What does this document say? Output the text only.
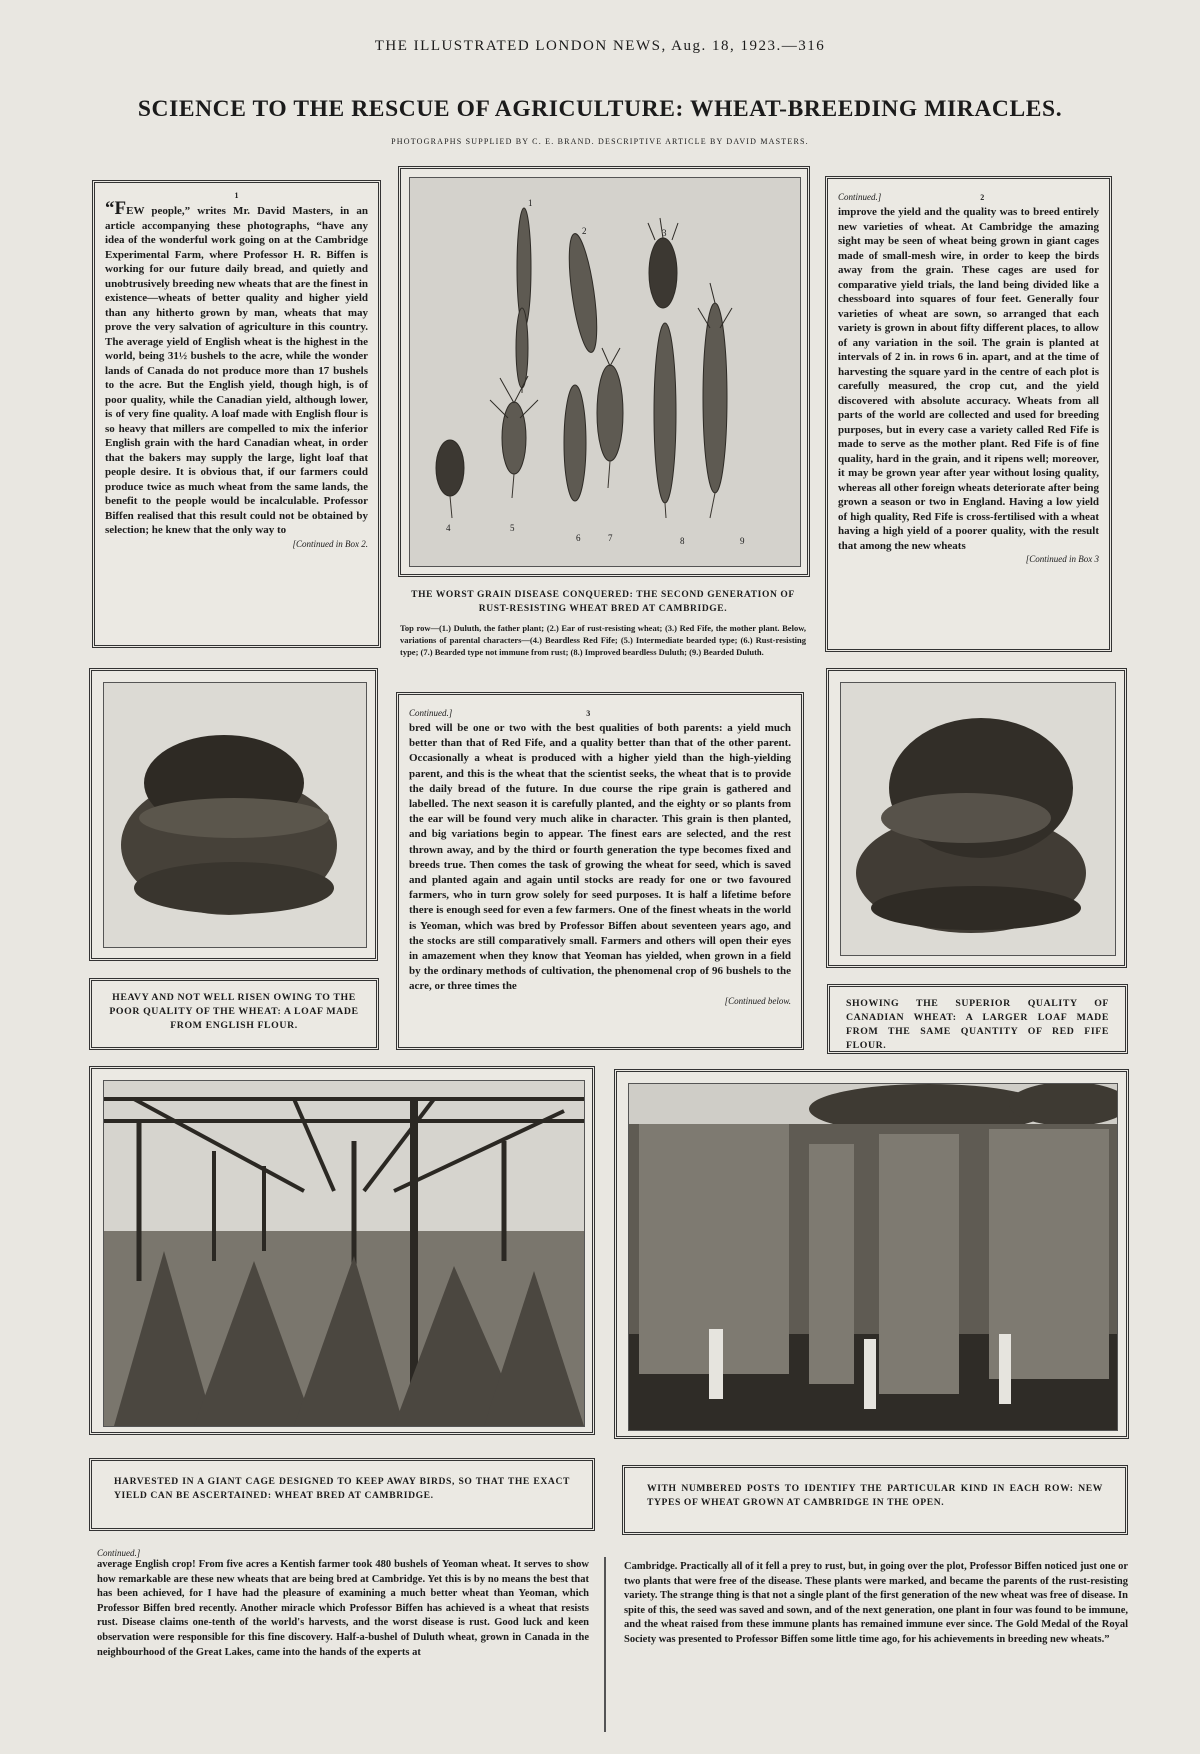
THE ILLUSTRATED LONDON NEWS, Aug. 18, 1923.—316
SCIENCE TO THE RESCUE OF AGRICULTURE: WHEAT-BREEDING MIRACLES.
PHOTOGRAPHS SUPPLIED BY C. E. BRAND. DESCRIPTIVE ARTICLE BY DAVID MASTERS.
1
“FEW people,” writes Mr. David Masters, in an article accompanying these photographs, “have any idea of the wonderful work going on at the Cambridge Experimental Farm, where Professor H. R. Biffen is working for our future daily bread, and quietly and unobtrusively breeding new wheats that are the finest in existence—wheats of better quality and higher yield than any hitherto grown by man, wheats that may prove the very salvation of agriculture in this country. The average yield of English wheat is the highest in the world, being 31½ bushels to the acre, while the wonder lands of Canada do not produce more than 17 bushels to the acre. But the English yield, though high, is of poor quality, while the Canadian yield, although lower, is of very fine quality. A loaf made with English flour is so heavy that millers are compelled to mix the inferior English grain with the hard Canadian wheat, in order that the bakers may supply the large, light loaf that people desire. It is obvious that, if our farmers could produce twice as much wheat from the same lands, the benefit to the people would be incalculable. Professor Biffen realised that this result could not be obtained by selection; he knew that the only way to
[Continued in Box 2.
1
2	3
4	5
6	7	8	9
THE WORST GRAIN DISEASE CONQUERED: THE SECOND GENERATION OF RUST-RESISTING WHEAT BRED AT CAMBRIDGE.
Top row—(1.) Duluth, the father plant; (2.) Ear of rust-resisting wheat; (3.) Red Fife, the mother plant. Below, variations of parental characters—(4.) Beardless Red Fife; (5.) Intermediate bearded type; (6.) Rust-resisting type; (7.) Bearded type not immune from rust; (8.) Improved beardless Duluth; (9.) Bearded Duluth.
Continued.]	2
improve the yield and the quality was to breed entirely new varieties of wheat. At Cambridge the amazing sight may be seen of wheat being grown in giant cages made of small-mesh wire, in order to keep the birds away from the grain. These cages are used for comparative yield trials, the land being divided like a chessboard into squares of four feet. Generally four varieties of wheat are sown, so arranged that each variety is grown in about fifty different places, to allow of any variation in the soil. The grain is planted at intervals of 2 in. in rows 6 in. apart, and at the time of harvesting the square yard in the centre of each plot is carefully measured, the crop cut, and the yield discovered with absolute accuracy. Wheats from all parts of the world are collected and used for breeding purposes, but in every case a variety called Red Fife is made to serve as the mother plant. Red Fife is of fine quality, hard in the grain, and it ripens well; moreover, it may be grown year after year without losing quality, whereas all other foreign wheats deteriorate after being grown a season or two in England. Having a low yield of high quality, Red Fife is cross-fertilised with a wheat having a high yield of a poorer quality, with the result that among the new wheats
[Continued in Box 3
HEAVY AND NOT WELL RISEN OWING TO THE POOR QUALITY OF THE WHEAT: A LOAF MADE FROM ENGLISH FLOUR.
Continued.]	3
bred will be one or two with the best qualities of both parents: a yield much better than that of Red Fife, and a quality better than that of the other parent. Occasionally a wheat is produced with a higher yield than the high-yielding parent, and this is the wheat that the scientist seeks, the wheat that is to provide the daily bread of the future. In due course the ripe grain is gathered and labelled. The next season it is carefully planted, and the eighty or so plants from the ear will be found very much alike in character. This grain is then planted, and big variations begin to appear. The finest ears are selected, and the rest thrown away, and by the third or fourth generation the type becomes fixed and breeds true. Then comes the task of growing the wheat for seed, which is saved and planted again and again until stocks are ready for one or two favoured farmers, who in turn grow solely for seed purposes. It is half a lifetime before there is enough seed for even a few farmers. One of the finest wheats in the world is Yeoman, which was bred by Professor Biffen about seventeen years ago, and the stocks are still comparatively small. Farmers and others will open their eyes in amazement when they know that Yeoman has yielded, when grown in a field by the ordinary methods of cultivation, the phenomenal crop of 96 bushels to the acre, or three times the
[Continued below.	SHOWING THE SUPERIOR QUALITY OF CANADIAN WHEAT: A LARGER LOAF MADE FROM THE SAME QUANTITY OF RED FIFE FLOUR.
HARVESTED IN A GIANT CAGE DESIGNED TO KEEP AWAY BIRDS, SO THAT THE EXACT YIELD CAN BE ASCERTAINED: WHEAT BRED AT CAMBRIDGE.
WITH NUMBERED POSTS TO IDENTIFY THE PARTICULAR KIND IN EACH ROW: NEW TYPES OF WHEAT GROWN AT CAMBRIDGE IN THE OPEN.
Continued.]
average English crop! From five acres a Kentish farmer took 480 bushels of Yeoman wheat. It serves to show how remarkable are these new wheats that are being bred at Cambridge. Yet this is by no means the best that has been achieved, for I have had the pleasure of examining a much better wheat than Yeoman, which Professor Biffen bred recently. Another miracle which Professor Biffen has achieved is a wheat that resists rust. Disease claims one-tenth of the world's harvests, and the worst disease is rust. Good luck and keen observation were responsible for this fine discovery. Half-a-bushel of Duluth wheat, grown in Canada in the neighbourhood of the Great Lakes, came into the hands of the experts at
Cambridge. Practically all of it fell a prey to rust, but, in going over the plot, Professor Biffen noticed just one or two plants that were free of the disease. These plants were marked, and became the parents of the rust-resisting variety. The strange thing is that not a single plant of the first generation of the new wheat was free of disease. In spite of this, the seed was saved and sown, and of the next generation, one plant in four was found to be immune, and the wheat raised from these immune plants has remained immune ever since. The Gold Medal of the Royal Society was presented to Professor Biffen some little time ago, for his achievements in breeding new wheats.”
